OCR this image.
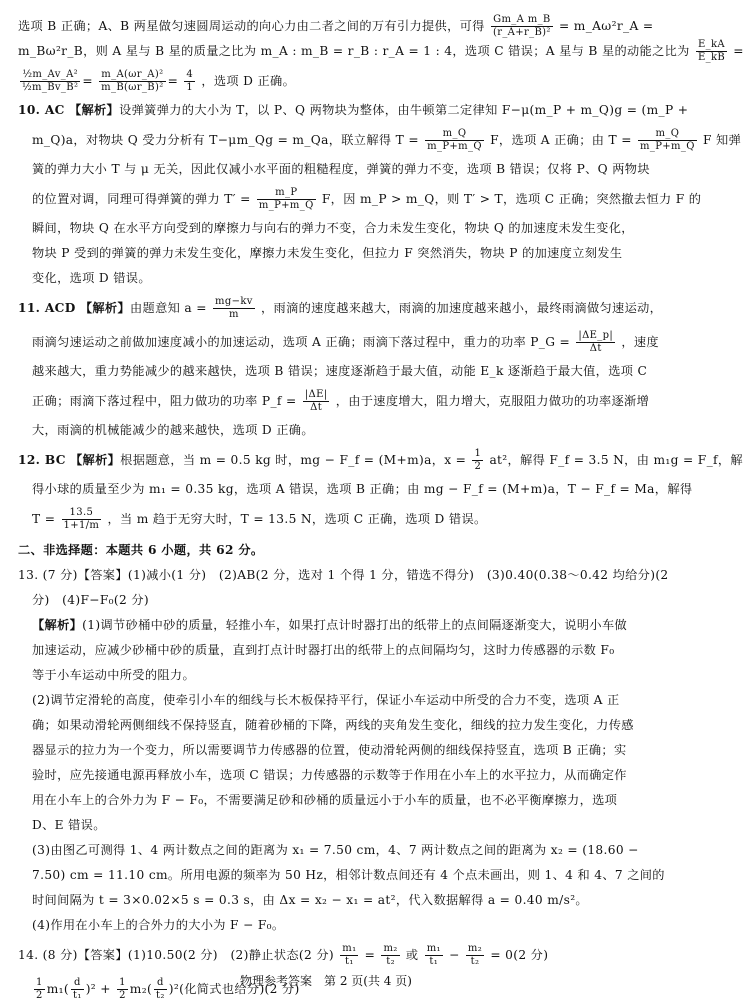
选项 B 正确；A、B 两星做匀速圆周运动的向心力由二者之间的万有引力提供，可得 $\frac{\text{Gm\_A m\_B}}{\text{(r\_A+r\_B)²}}$ = m_Aω²r_A =
m_Bω²r_B，则 A 星与 B 星的质量之比为 m_A : m_B = r_B : r_A = 1 : 4，选项 C 错误；A 星与 B 星的动能之比为 $\frac{E\_kA}{E\_kB}$ =
$\frac{\text{½m\_Av\_A²}}{\text{½m\_Bv\_B²}} = \frac{\text{m\_A(ωr\_A)²}}{\text{m\_B(ωr\_B)²}} = \frac{4}{1}$ ，选项 D 正确。
10. AC 【解析】设弹簧弹力的大小为 T，以 P、Q 两物块为整体，由牛顿第二定律知 F−μ(m_P + m_Q)g = (m_P +
m_Q)a，对物块 Q 受力分析有 T−μm_Qg = m_Qa，联立解得 $T = \frac{m\_Q}{m\_P+m\_Q}$ F，选项 A 正确；由 $T = \frac{m\_Q}{m\_P+m\_Q}$ F 知弹
簧的弹力大小 T 与 μ 无关，因此仅减小水平面的粗糙程度，弹簧的弹力不变，选项 B 错误；仅将 P、Q 两物块
的位置对调，同理可得弹簧的弹力 $T' = \frac{m\_P}{m\_P+m\_Q}$ F，因 m_P > m_Q，则 T′ > T，选项 C 正确；突然撤去恒力 F 的
瞬间，物块 Q 在水平方向受到的摩擦力与向右的弹力不变，合力未发生变化，物块 Q 的加速度未发生变化，
物块 P 受到的弹簧的弹力未发生变化，摩擦力未发生变化，但拉力 F 突然消失，物块 P 的加速度立刻发生
变化，选项 D 错误。
11. ACD 【解析】由题意知 $a = \frac{mg-kv}{m}$ ，雨滴的速度越来越大，雨滴的加速度越来越小，最终雨滴做匀速运动，
雨滴匀速运动之前做加速度减小的加速运动，选项 A 正确；雨滴下落过程中，重力的功率 P_G = $\frac{|\Delta E\_p|}{\Delta t}$ ，速度
越来越大，重力势能减少的越来越快，选项 B 错误；速度逐渐趋于最大值，动能 E_k 逐渐趋于最大值，选项 C
正确；雨滴下落过程中，阻力做功的功率 P_f = $\frac{|\Delta E|}{\Delta t}$ ，由于速度增大，阻力增大，克服阻力做功的功率逐渐增
大，雨滴的机械能减少的越来越快，选项 D 正确。
12. BC 【解析】根据题意，当 m = 0.5 kg 时，mg − F_f = (M+m)a，$x = \frac{1}{2} at^2$，解得 F_f = 3.5 N，由 m₁g = F_f，解
得小球的质量至少为 m₁ = 0.35 kg，选项 A 错误，选项 B 正确；由 mg − F_f = (M+m)a，T − F_f = Ma，解得
$T = \frac{13.5}{1+1/m}$ ，当 m 趋于无穷大时，T = 13.5 N，选项 C 正确，选项 D 错误。
二、非选择题：本题共 6 小题，共 62 分。
13. (7 分)【答案】(1)减小(1 分)　(2)AB(2 分，选对 1 个得 1 分，错选不得分)　(3)0.40(0.38～0.42 均给分)(2
分)　(4)F−F₀(2 分)
【解析】(1)调节砂桶中砂的质量，轻推小车，如果打点计时器打出的纸带上的点间隔逐渐变大，说明小车做
加速运动，应减少砂桶中砂的质量，直到打点计时器打出的纸带上的点间隔均匀，这时力传感器的示数 F₀
等于小车运动中所受的阻力。
(2)调节定滑轮的高度，使牵引小车的细线与长木板保持平行，保证小车运动中所受的合力不变，选项 A 正
确；如果动滑轮两侧细线不保持竖直，随着砂桶的下降，两线的夹角发生变化，细线的拉力发生变化，力传感
器显示的拉力为一个变力，所以需要调节力传感器的位置，使动滑轮两侧的细线保持竖直，选项 B 正确；实
验时，应先接通电源再释放小车，选项 C 错误；力传感器的示数等于作用在小车上的水平拉力，从而确定作
用在小车上的合外力为 F − F₀，不需要满足砂和砂桶的质量远小于小车的质量，也不必平衡摩擦力，选项
D、E 错误。
(3)由图乙可测得 1、4 两计数点之间的距离为 x₁ = 7.50 cm，4、7 两计数点之间的距离为 x₂ = (18.60 −
7.50) cm = 11.10 cm。所用电源的频率为 50 Hz，相邻计数点间还有 4 个点未画出，则 1、4 和 4、7 之间的
时间间隔为 t = 3×0.02×5 s = 0.3 s，由 Δx = x₂ − x₁ = at²，代入数据解得 a = 0.40 m/s²。
(4)作用在小车上的合外力的大小为 F − F₀。
14. (8 分)【答案】(1)10.50(2 分)　(2)静止状态(2 分) $\frac{\text{m₁}}{\text{t₁}} = \frac{\text{m₂}}{\text{t₂}}$ 或 $\frac{\text{m₁}}{\text{t₁}} - \frac{\text{m₂}}{\text{t₂}} = 0(2$ 分)
$\frac{1}{2} m_1( \frac{d}{\text{t₁}} )^2 + \frac{1}{2} m_2( \frac{d}{\text{t₂}} )^2$(化简式也给分)(2 分)
物理参考答案　第 2 页(共 4 页)
